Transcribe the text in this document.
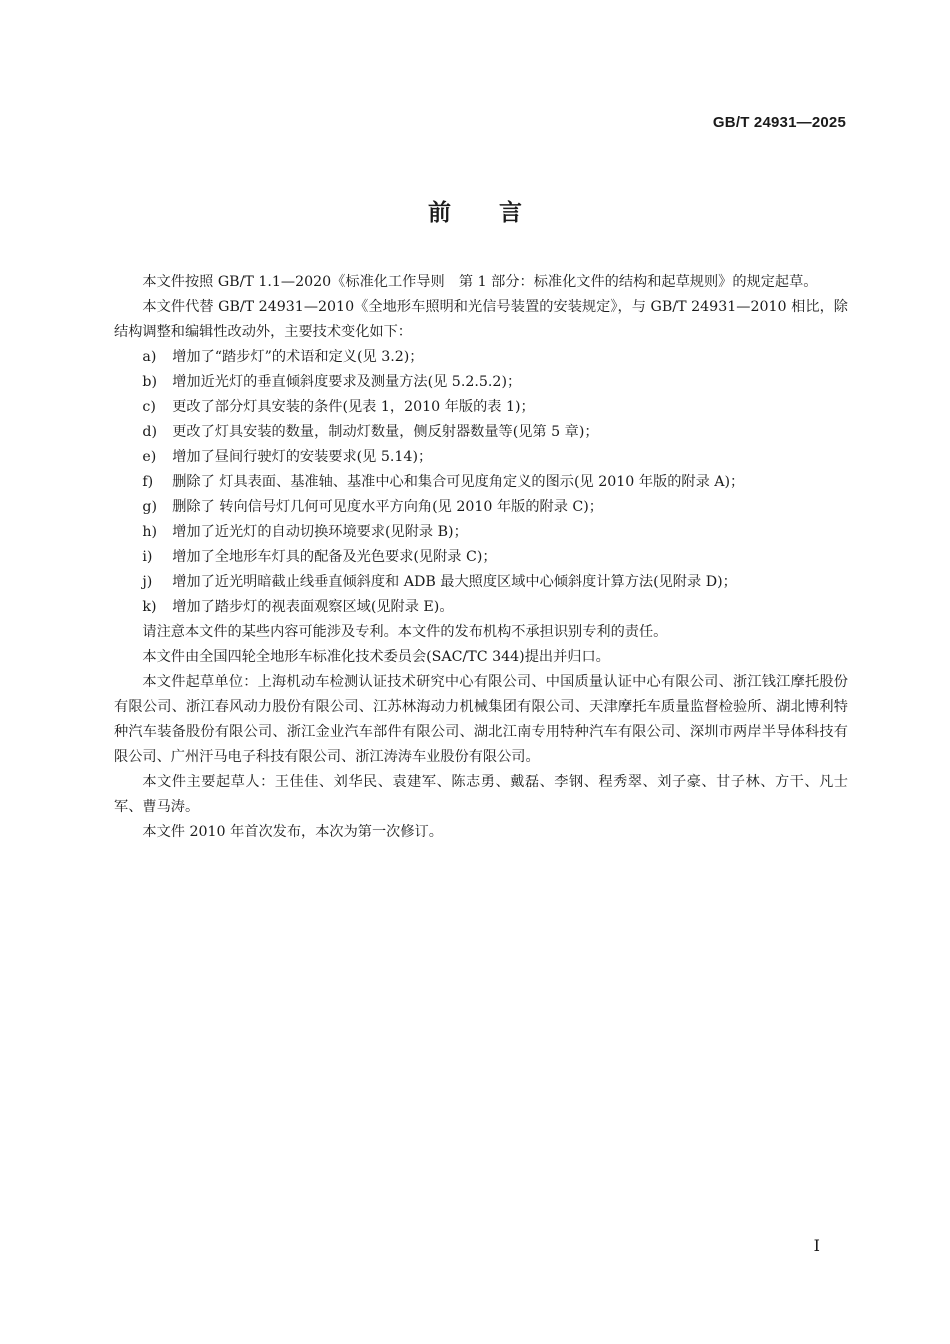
GB/T 24931—2025
前言

本文件按照 GB/T 1.1—2020《标准化工作导则　第 1 部分：标准化文件的结构和起草规则》的规定起草。

本文件代替 GB/T 24931—2010《全地形车照明和光信号装置的安装规定》，与 GB/T 24931—2010 相比，除结构调整和编辑性改动外，主要技术变化如下：

a) 增加了“踏步灯”的术语和定义(见 3.2)；

b) 增加近光灯的垂直倾斜度要求及测量方法(见 5.2.5.2)；

c) 更改了部分灯具安装的条件(见表 1，2010 年版的表 1)；

d) 更改了灯具安装的数量，制动灯数量，侧反射器数量等(见第 5 章)；

e) 增加了昼间行驶灯的安装要求(见 5.14)；

f) 删除了 灯具表面、基准轴、基准中心和集合可见度角定义的图示(见 2010 年版的附录 A)；

g) 删除了 转向信号灯几何可见度水平方向角(见 2010 年版的附录 C)；

h) 增加了近光灯的自动切换环境要求(见附录 B)；

i) 增加了全地形车灯具的配备及光色要求(见附录 C)；

j) 增加了近光明暗截止线垂直倾斜度和 ADB 最大照度区域中心倾斜度计算方法(见附录 D)；

k) 增加了踏步灯的视表面观察区域(见附录 E)。

请注意本文件的某些内容可能涉及专利。本文件的发布机构不承担识别专利的责任。

本文件由全国四轮全地形车标准化技术委员会(SAC/TC 344)提出并归口。

本文件起草单位：上海机动车检测认证技术研究中心有限公司、中国质量认证中心有限公司、浙江钱江摩托股份有限公司、浙江春风动力股份有限公司、江苏林海动力机械集团有限公司、天津摩托车质量监督检验所、湖北博利特种汽车装备股份有限公司、浙江金业汽车部件有限公司、湖北江南专用特种汽车有限公司、深圳市两岸半导体科技有限公司、广州汗马电子科技有限公司、浙江涛涛车业股份有限公司。

本文件主要起草人：王佳佳、刘华民、袁建军、陈志勇、戴磊、李钢、程秀翠、刘子豪、甘子林、方干、凡士军、曹马涛。

本文件 2010 年首次发布，本次为第一次修订。

I
